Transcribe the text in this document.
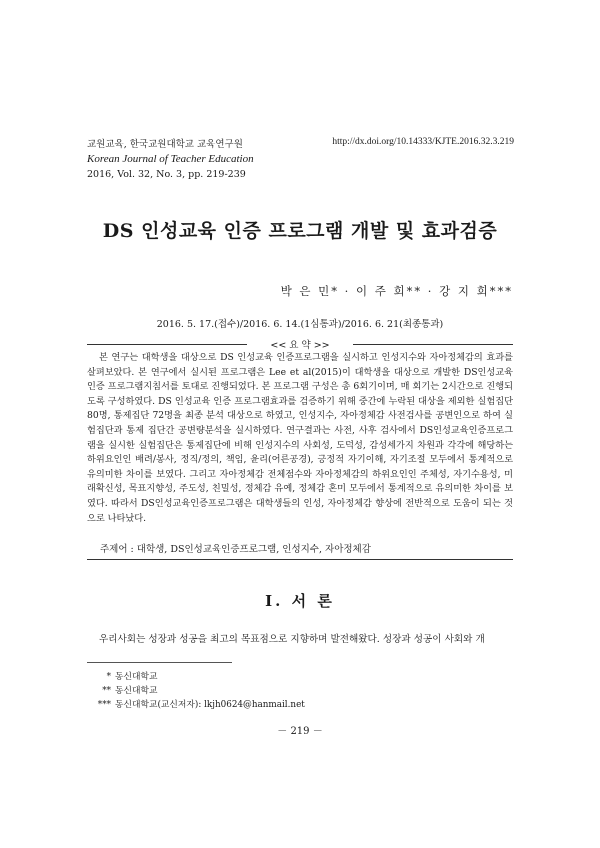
교원교육, 한국교원대학교 교육연구원
Korean Journal of Teacher Education
2016, Vol. 32, No. 3, pp. 219-239
http://dx.doi.org/10.14333/KJTE.2016.32.3.219
DS 인성교육 인증 프로그램 개발 및 효과검증
박 은 민* · 이 주 희** · 강 지 희***
2016. 5. 17.(접수)/2016. 6. 14.(1심통과)/2016. 6. 21(최종통과)
<< 요 약 >>
본 연구는 대학생을 대상으로 DS 인성교육 인증프로그램을 실시하고 인성지수와 자아정체감의 효과를 살펴보았다. 본 연구에서 실시된 프로그램은 Lee et al(2015)이 대학생을 대상으로 개발한 DS인성교육 인증 프로그램지침서를 토대로 진행되었다. 본 프로그램 구성은 총 6회기이며, 매 회기는 2시간으로 진행되도록 구성하였다. DS 인성교육 인증 프로그램효과를 검증하기 위해 중간에 누락된 대상을 제외한 실험집단 80명, 통제집단 72명을 최종 분석 대상으로 하였고, 인성지수, 자아정체감 사전검사를 공변인으로 하여 실험집단과 통제 집단간 공변량분석을 실시하였다. 연구결과는 사전, 사후 검사에서 DS인성교육인증프로그램을 실시한 실험집단은 통제집단에 비해 인성지수의 사회성, 도덕성, 감성세가지 차원과 각각에 해당하는 하위요인인 배려/봉사, 정직/정의, 책임, 윤리(어른공경), 긍정적 자기이해, 자기조절 모두에서 통계적으로 유의미한 차이를 보였다. 그리고 자아정체감 전체점수와 자아정체감의 하위요인인 주체성, 자기수용성, 미래확신성, 목표지향성, 주도성, 친밀성, 정체감 유예, 정체감 혼미 모두에서 통계적으로 유의미한 차이를 보였다. 따라서 DS인성교육인증프로그램은 대학생들의 인성, 자아정체감 향상에 전반적으로 도움이 되는 것으로 나타났다.
주제어 : 대학생, DS인성교육인증프로그램, 인성지수, 자아정체감
I. 서 론
우리사회는 성장과 성공을 최고의 목표점으로 지향하며 발전해왔다. 성장과 성공이 사회와 개
* 동신대학교
** 동신대학교
*** 동신대학교(교신저자): lkjh0624@hanmail.net
－ 219 －
